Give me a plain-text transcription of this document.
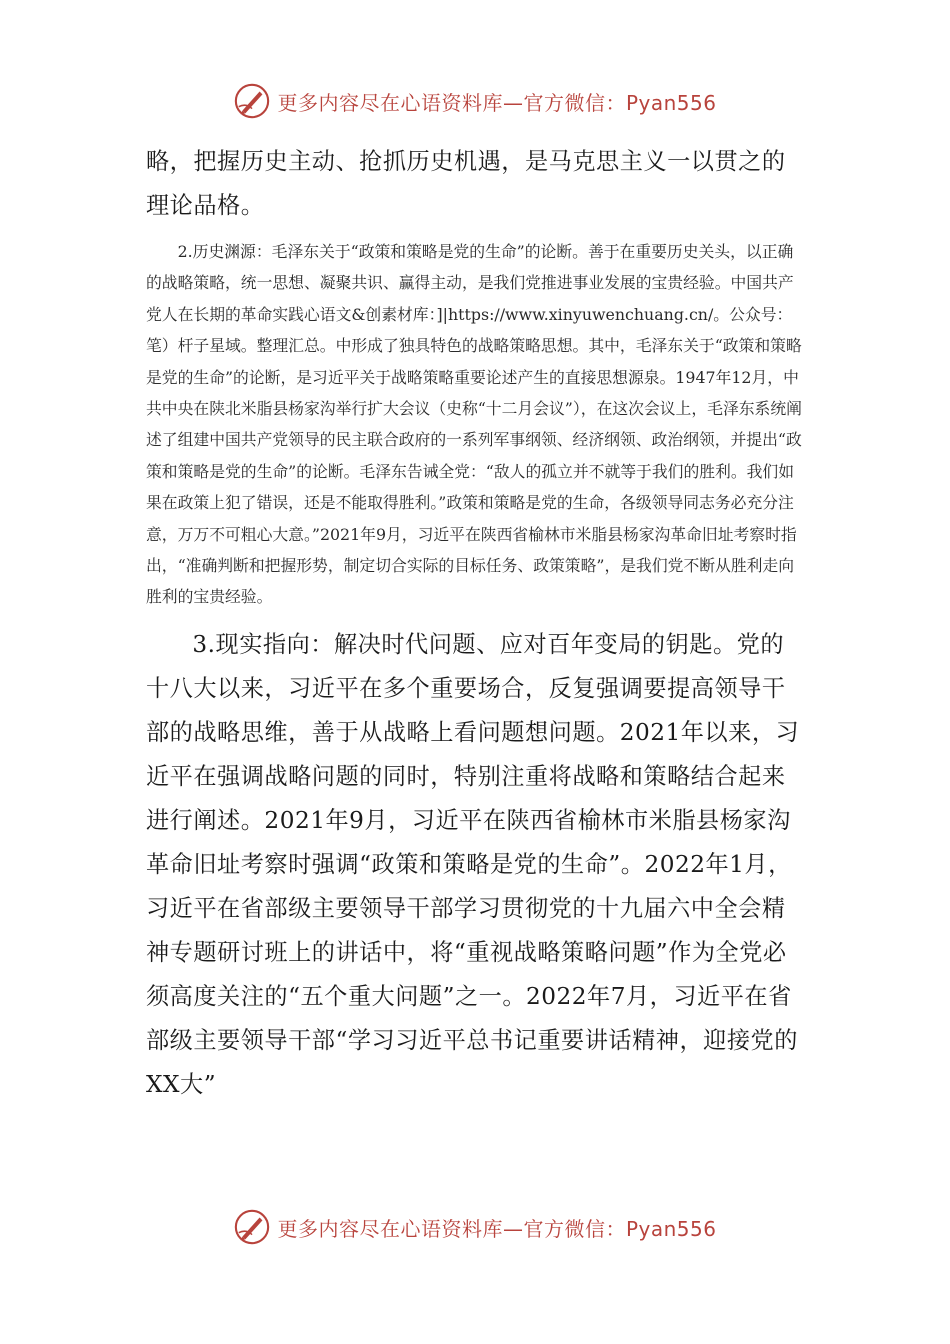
更多内容尽在心语资料库—官方微信：Pyan556

略，把握历史主动、抢抓历史机遇，是马克思主义一以贯之的理论品格。

2.历史渊源：毛泽东关于“政策和策略是党的生命”的论断。善于在重要历史关头，以正确的战略策略，统一思想、凝聚共识、赢得主动，是我们党推进事业发展的宝贵经验。中国共产党人在长期的革命实践心语文&创素材库：]|https://www.xinyuwenchuang.cn/。公众号：笔）杆子星域。整理汇总。中形成了独具特色的战略策略思想。其中，毛泽东关于“政策和策略是党的生命”的论断，是习近平关于战略策略重要论述产生的直接思想源泉。1947年12月，中共中央在陕北米脂县杨家沟举行扩大会议（史称“十二月会议”），在这次会议上，毛泽东系统阐述了组建中国共产党领导的民主联合政府的一系列军事纲领、经济纲领、政治纲领，并提出“政策和策略是党的生命”的论断。毛泽东告诫全党：“敌人的孤立并不就等于我们的胜利。我们如果在政策上犯了错误，还是不能取得胜利。”政策和策略是党的生命，各级领导同志务必充分注意，万万不可粗心大意。”2021年9月，习近平在陕西省榆林市米脂县杨家沟革命旧址考察时指出，“准确判断和把握形势，制定切合实际的目标任务、政策策略”，是我们党不断从胜利走向胜利的宝贵经验。

3.现实指向：解决时代问题、应对百年变局的钥匙。党的十八大以来，习近平在多个重要场合，反复强调要提高领导干部的战略思维，善于从战略上看问题想问题。2021年以来，习近平在强调战略问题的同时，特别注重将战略和策略结合起来进行阐述。2021年9月，习近平在陕西省榆林市米脂县杨家沟革命旧址考察时强调“政策和策略是党的生命”。2022年1月，习近平在省部级主要领导干部学习贯彻党的十九届六中全会精神专题研讨班上的讲话中，将“重视战略策略问题”作为全党必须高度关注的“五个重大问题”之一。2022年7月，习近平在省部级主要领导干部“学习习近平总书记重要讲话精神，迎接党的XX大”

更多内容尽在心语资料库—官方微信：Pyan556
